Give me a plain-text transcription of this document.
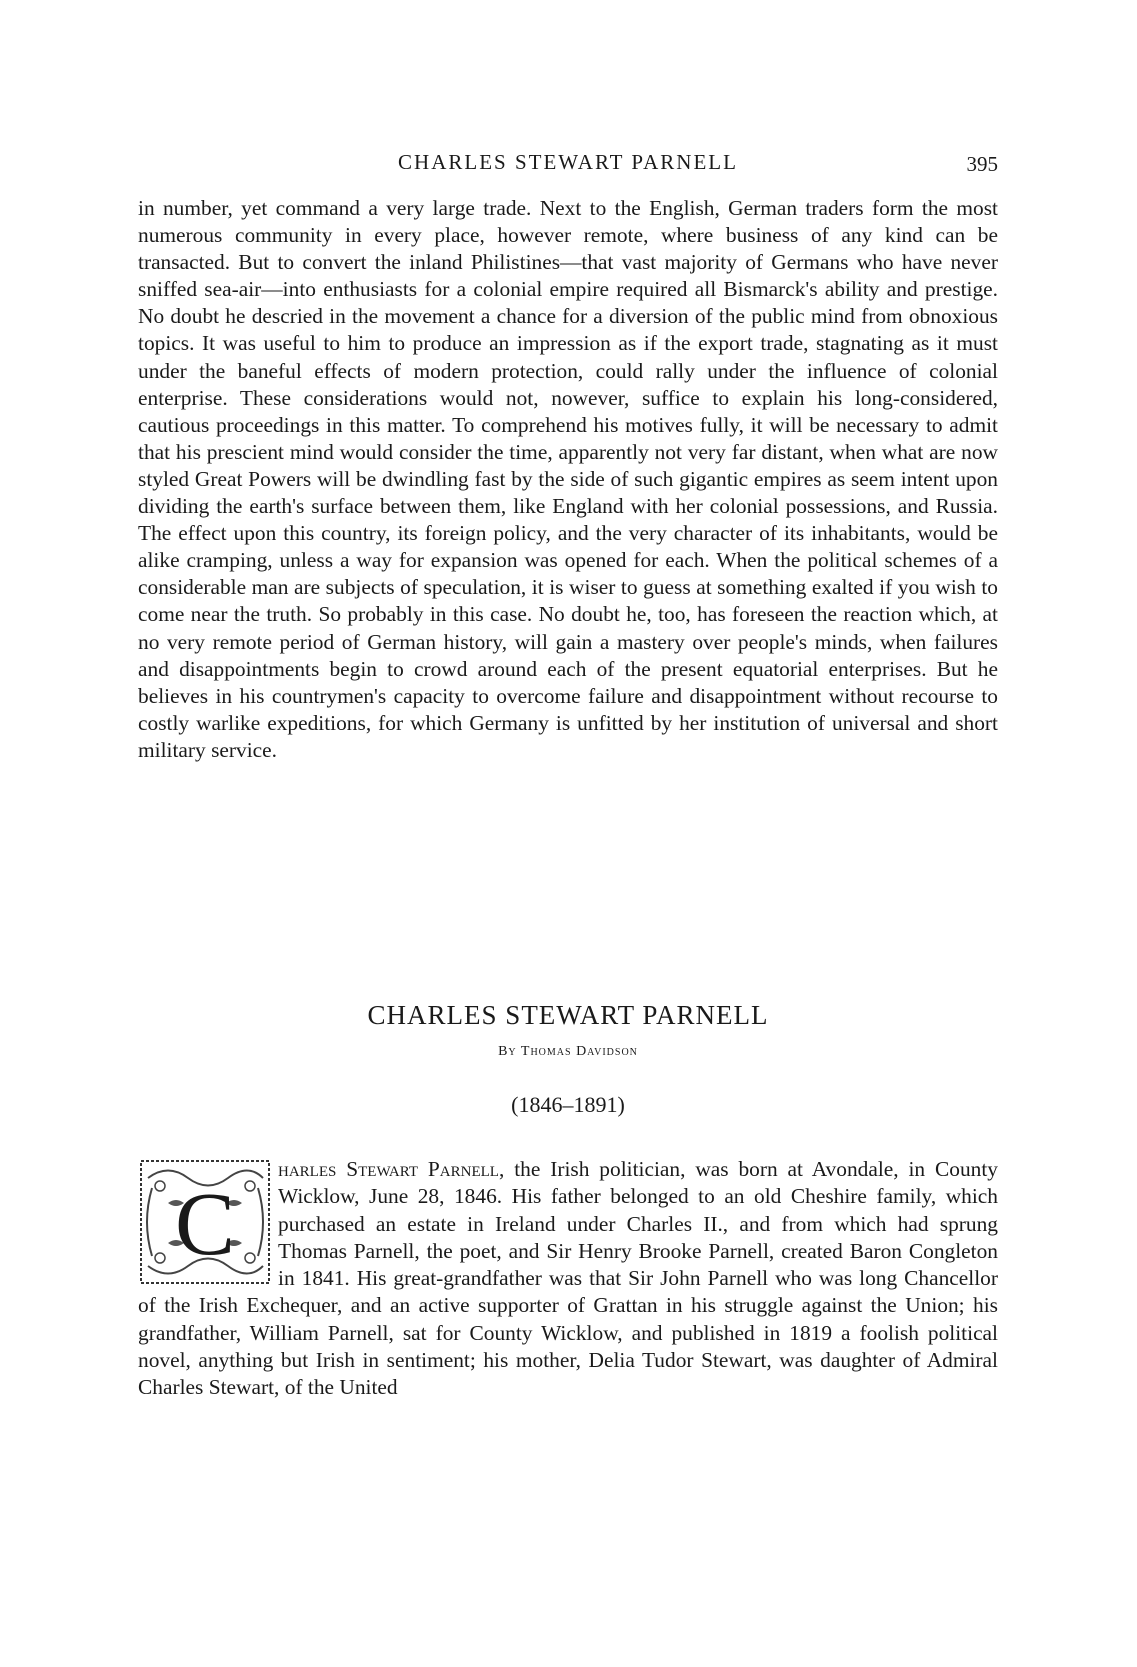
CHARLES STEWART PARNELL	395

in number, yet command a very large trade. Next to the English, German traders form the most numerous community in every place, however remote, where business of any kind can be transacted. But to convert the inland Philistines—that vast majority of Germans who have never sniffed sea-air—into enthusiasts for a colonial empire required all Bismarck's ability and prestige. No doubt he descried in the movement a chance for a diversion of the public mind from obnoxious topics. It was useful to him to produce an impression as if the export trade, stagnating as it must under the baneful effects of modern protection, could rally under the influence of colonial enterprise. These considerations would not, nowever, suffice to explain his long-considered, cautious proceedings in this matter. To comprehend his motives fully, it will be necessary to admit that his prescient mind would consider the time, apparently not very far distant, when what are now styled Great Powers will be dwindling fast by the side of such gigantic empires as seem intent upon dividing the earth's surface between them, like England with her colonial possessions, and Russia. The effect upon this country, its foreign policy, and the very character of its inhabitants, would be alike cramping, unless a way for expansion was opened for each. When the political schemes of a considerable man are subjects of speculation, it is wiser to guess at something exalted if you wish to come near the truth. So probably in this case. No doubt he, too, has foreseen the reaction which, at no very remote period of German history, will gain a mastery over people's minds, when failures and disappointments begin to crowd around each of the present equatorial enterprises. But he believes in his countrymen's capacity to overcome failure and disappointment without recourse to costly warlike expeditions, for which Germany is unfitted by her institution of universal and short military service.

CHARLES STEWART PARNELL

By Thomas Davidson

(1846–1891)

C
harles Stewart Parnell, the Irish politician, was born at Avondale, in County Wicklow, June 28, 1846. His father belonged to an old Cheshire family, which purchased an estate in Ireland under Charles II., and from which had sprung Thomas Parnell, the poet, and Sir Henry Brooke Parnell, created Baron Congleton in 1841. His great-grandfather was that Sir John Parnell who was long Chancellor of the Irish Exchequer, and an active supporter of Grattan in his struggle against the Union; his grandfather, William Parnell, sat for County Wicklow, and published in 1819 a foolish political novel, anything but Irish in sentiment; his mother, Delia Tudor Stewart, was daughter of Admiral Charles Stewart, of the United
